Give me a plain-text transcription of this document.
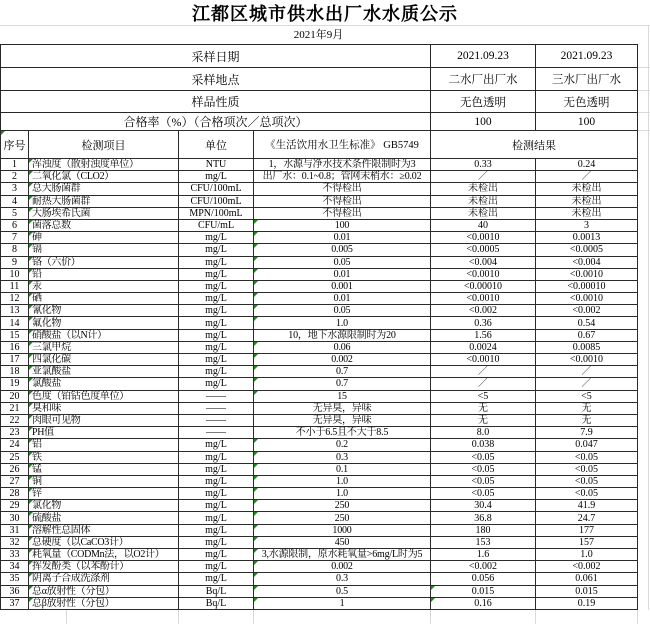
江都区城市供水出厂水水质公示
2021年9月
采样日期	2021.09.23	2021.09.23
采样地点	二水厂出厂水	三水厂出厂水
样品性质	无色透明	无色透明
合格率（%）（合格项次／总项次）	100	100
序号	检测项目	单位	《生活饮用水卫生标准》 GB5749	检测结果	
1	浑浊度（散射浊度单位）	NTU	1，水源与净水技术条件限制时为3	0.33	0.24
2	二氧化氯（CLO2）	mg/L	出厂水：0.1~0.8；管网末梢水：≥0.02	／	／
3	总大肠菌群	CFU/100mL	不得检出	未检出	未检出
4	耐热大肠菌群	CFU/100mL	不得检出	未检出	未检出
5	大肠埃希氏菌	MPN/100mL	不得检出	未检出	未检出
6	菌落总数	CFU/mL	100	40	3
7	砷	mg/L	0.01	<0.0010	0.0013
8	镉	mg/L	0.005	<0.0005	<0.0005
9	铬（六价）	mg/L	0.05	<0.004	<0.004
10	铅	mg/L	0.01	<0.0010	<0.0010
11	汞	mg/L	0.001	<0.00010	<0.00010
12	硒	mg/L	0.01	<0.0010	<0.0010
13	氰化物	mg/L	0.05	<0.002	<0.002
14	氟化物	mg/L	1.0	0.36	0.54
15	硝酸盐（以N计）	mg/L	10，地下水源限制时为20	1.56	0.67
16	三氯甲烷	mg/L	0.06	0.0024	0.0085
17	四氯化碳	mg/L	0.002	<0.0010	<0.0010
18	亚氯酸盐	mg/L	0.7	／	／
19	氯酸盐	mg/L	0.7	／	／
20	色度（铂钴色度单位）	——	15	<5	<5
21	臭和味	——	无异臭，异味	无	无
22	肉眼可见物	——	无异臭，异味	无	无
23	PH值	——	不小于6.5且不大于8.5	8.0	7.9
24	铝	mg/L	0.2	0.038	0.047
25	铁	mg/L	0.3	<0.05	<0.05
26	锰	mg/L	0.1	<0.05	<0.05
27	铜	mg/L	1.0	<0.05	<0.05
28	锌	mg/L	1.0	<0.05	<0.05
29	氯化物	mg/L	250	30.4	41.9
30	硫酸盐	mg/L	250	36.8	24.7
31	溶解性总固体	mg/L	1000	180	177
32	总硬度（以CaCO3计）	mg/L	450	153	157
33	耗氧量（CODMn法，以O2计）	mg/L	3,水源限制，原水耗氧量>6mg/L时为5	1.6	1.0
34	挥发酚类（以苯酚计）	mg/L	0.002	<0.002	<0.002
35	阴离子合成洗涤剂	mg/L	0.3	0.056	0.061
36	总α放射性（分包）	Bq/L	0.5	0.015	0.015
37	总β放射性（分包）	Bq/L	1	0.16	0.19
